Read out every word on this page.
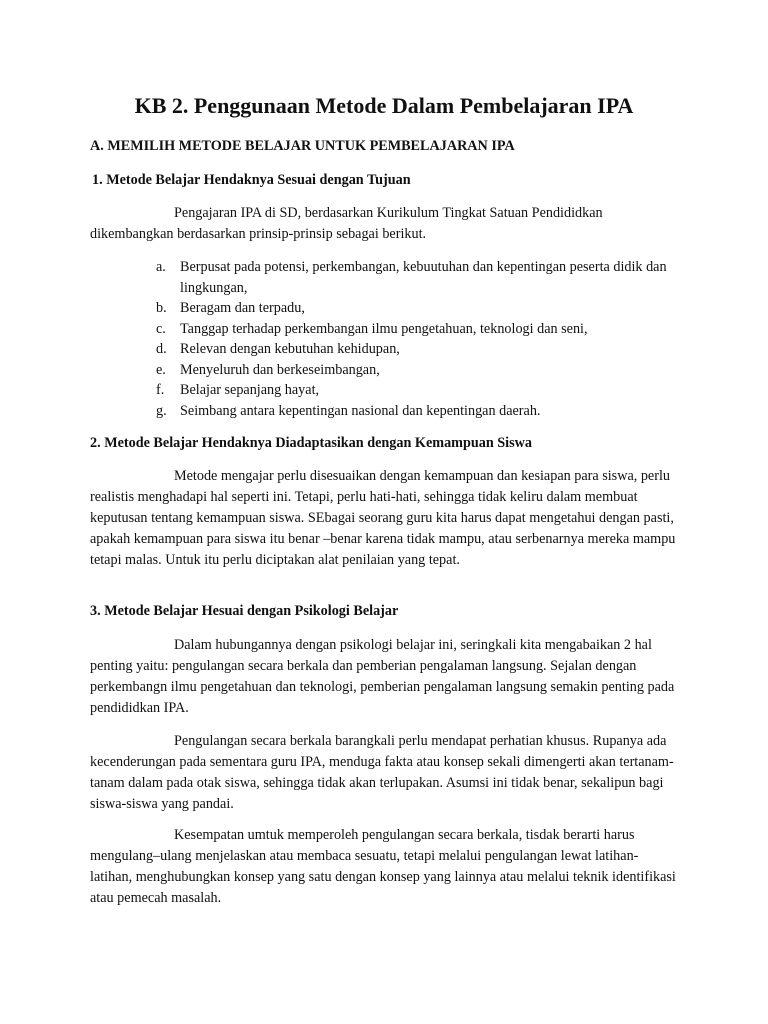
KB 2. Penggunaan Metode Dalam Pembelajaran IPA

A. MEMILIH METODE BELAJAR UNTUK PEMBELAJARAN IPA

1. Metode Belajar Hendaknya Sesuai dengan Tujuan

Pengajaran IPA di SD, berdasarkan Kurikulum Tingkat Satuan Pendididkan dikembangkan berdasarkan prinsip-prinsip sebagai berikut.

a. Berpusat pada potensi, perkembangan, kebuutuhan dan kepentingan peserta didik dan lingkungan,
b. Beragam dan terpadu,
c. Tanggap terhadap perkembangan ilmu pengetahuan, teknologi dan seni,
d. Relevan dengan kebutuhan kehidupan,
e. Menyeluruh dan berkeseimbangan,
f. Belajar sepanjang hayat,
g. Seimbang antara kepentingan nasional dan kepentingan daerah.

2. Metode Belajar Hendaknya Diadaptasikan dengan Kemampuan Siswa

Metode mengajar perlu disesuaikan dengan kemampuan dan kesiapan para siswa, perlu realistis menghadapi hal seperti ini. Tetapi, perlu hati-hati, sehingga tidak keliru dalam membuat keputusan tentang kemampuan siswa. SEbagai seorang guru kita harus dapat mengetahui dengan pasti, apakah kemampuan para siswa itu benar –benar karena tidak mampu, atau serbenarnya mereka mampu tetapi malas. Untuk itu perlu diciptakan alat penilaian yang tepat.

3. Metode Belajar Hesuai dengan Psikologi Belajar

Dalam hubungannya dengan psikologi belajar ini, seringkali kita mengabaikan 2 hal penting yaitu: pengulangan secara berkala dan pemberian pengalaman langsung. Sejalan dengan perkembangn ilmu pengetahuan dan teknologi, pemberian pengalaman langsung semakin penting pada pendididkan IPA.

Pengulangan secara berkala barangkali perlu mendapat perhatian khusus. Rupanya ada kecenderungan pada sementara guru IPA, menduga fakta atau konsep sekali dimengerti akan tertanam- tanam dalam pada otak siswa, sehingga tidak akan terlupakan. Asumsi ini tidak benar, sekalipun bagi siswa-siswa yang pandai.

Kesempatan umtuk memperoleh pengulangan secara berkala, tisdak berarti harus mengulang–ulang menjelaskan atau membaca sesuatu, tetapi melalui pengulangan lewat latihan-latihan, menghubungkan konsep yang satu dengan konsep yang lainnya atau melalui teknik identifikasi atau pemecah masalah.
